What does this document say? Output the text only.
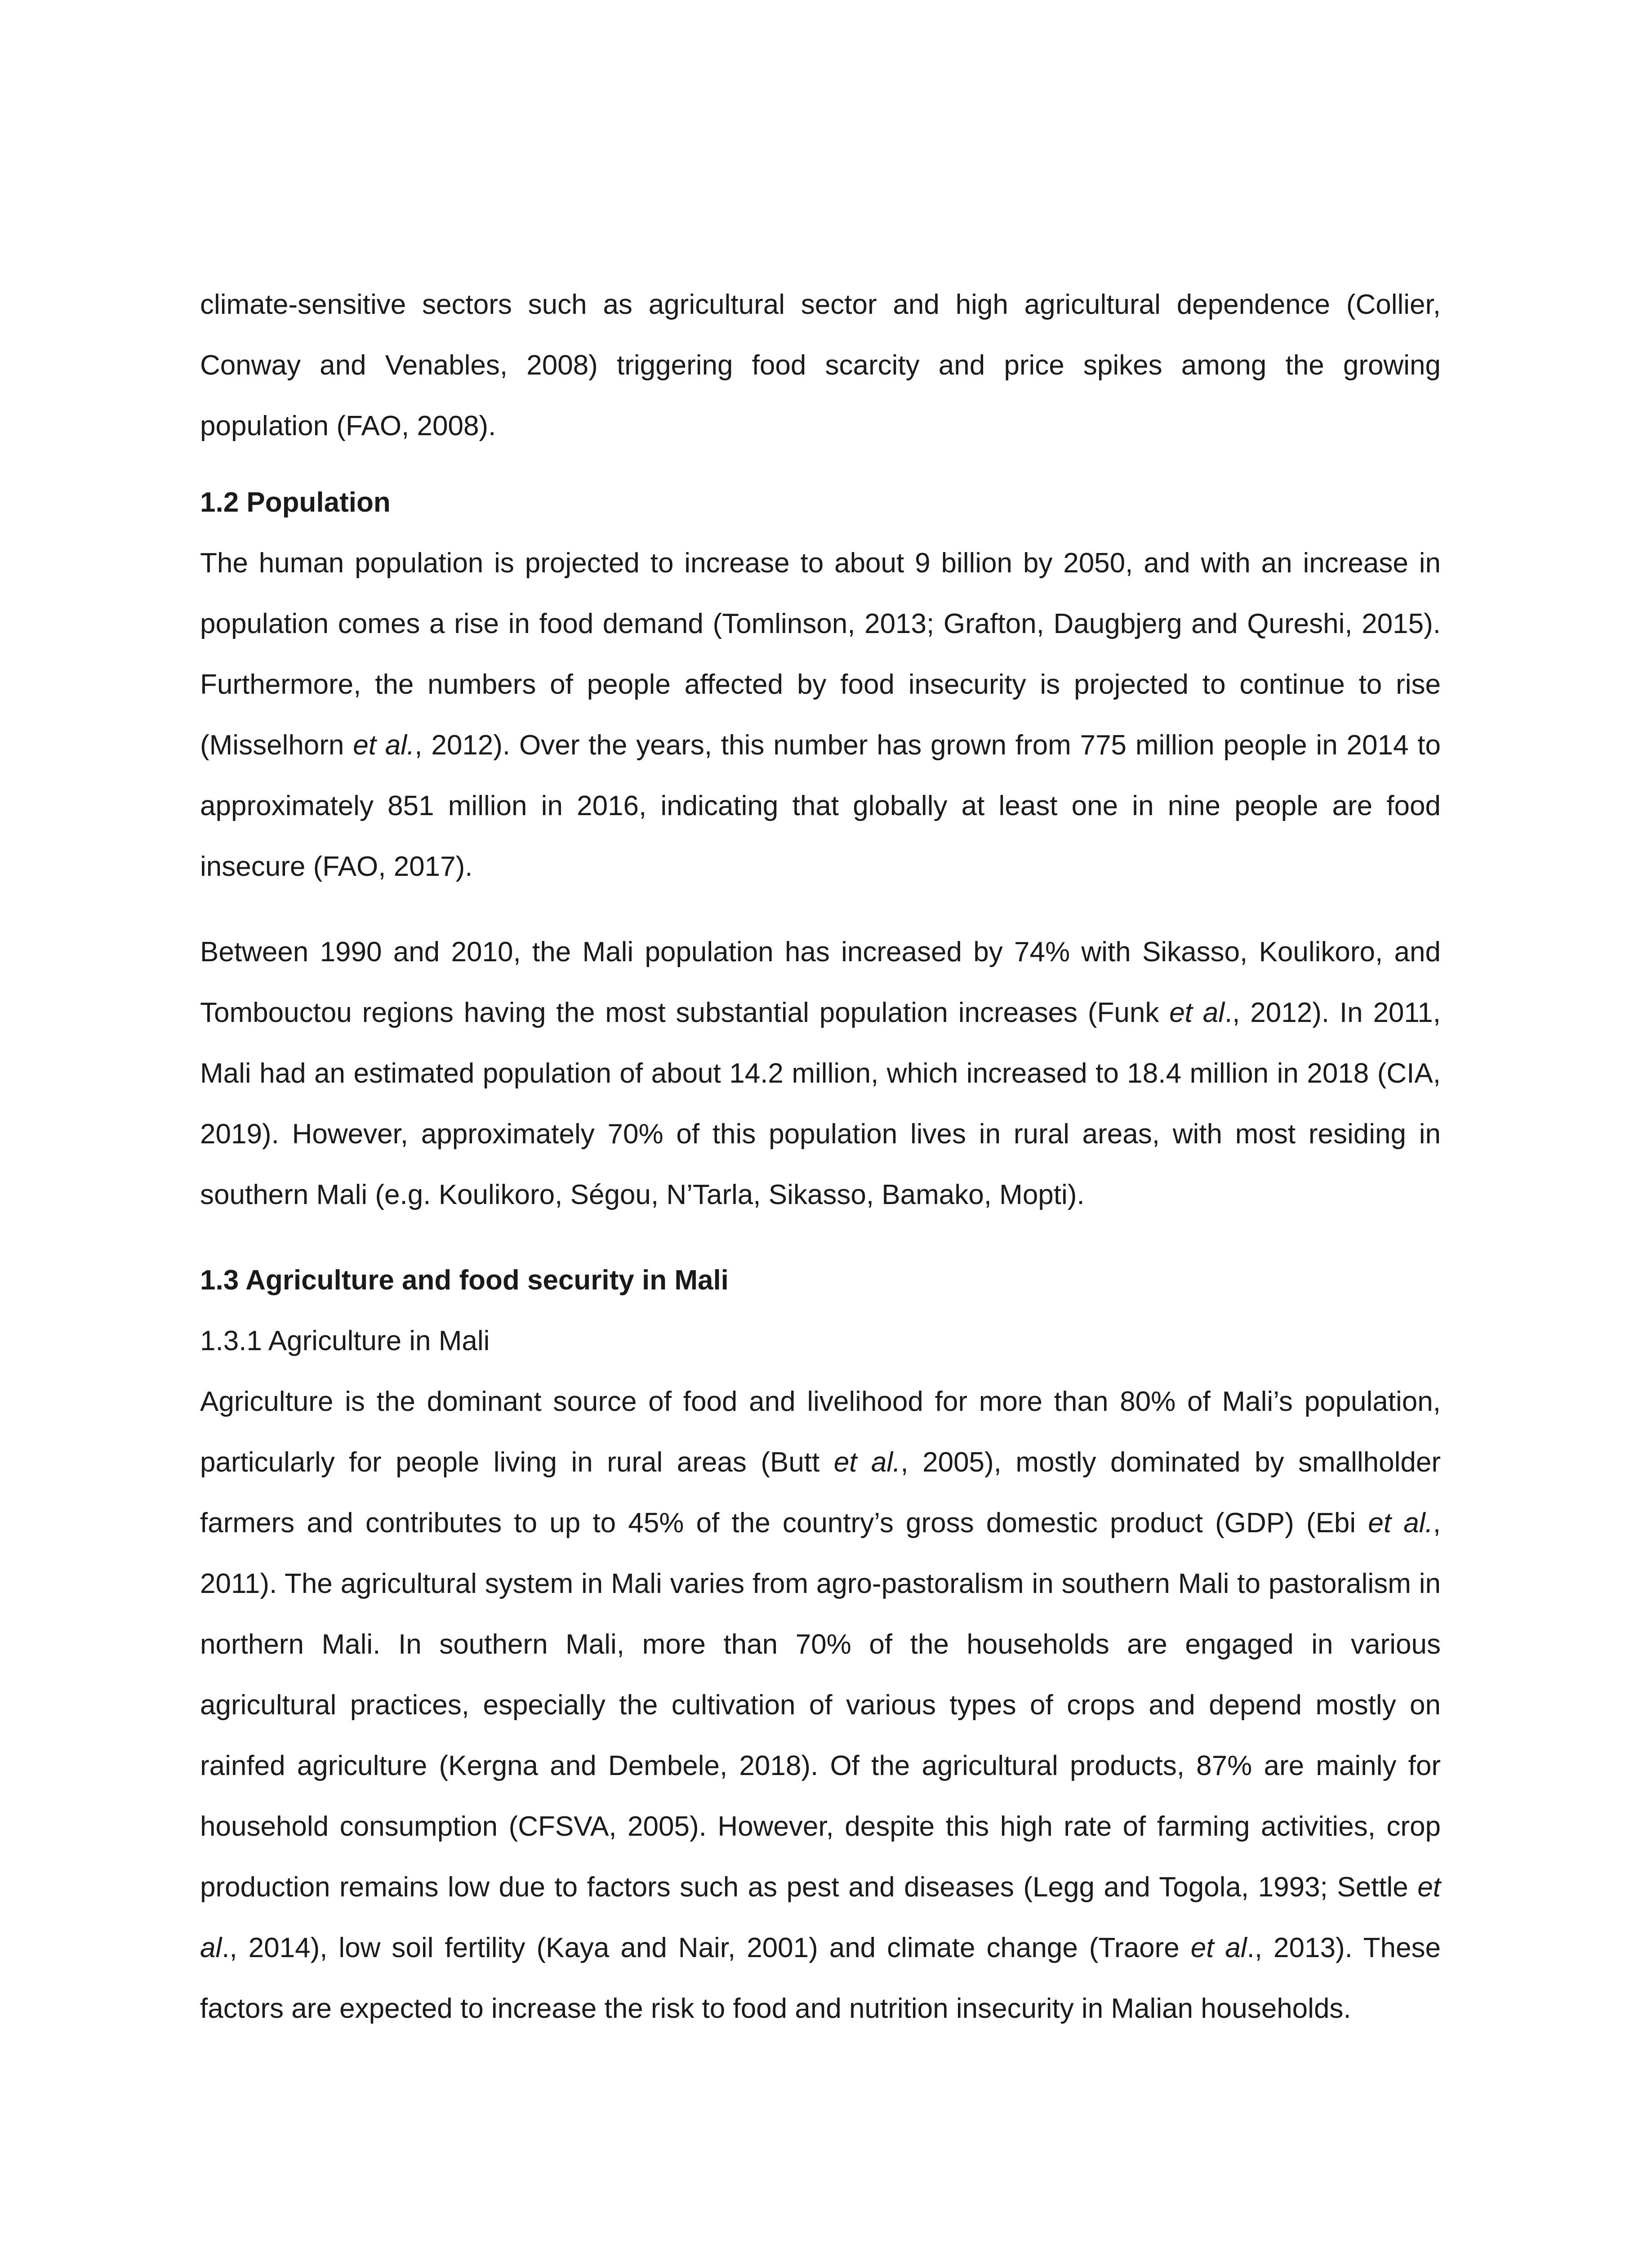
climate-sensitive sectors such as agricultural sector and high agricultural dependence (Collier, Conway and Venables, 2008) triggering food scarcity and price spikes among the growing population (FAO, 2008).

1.2 Population

The human population is projected to increase to about 9 billion by 2050, and with an increase in population comes a rise in food demand (Tomlinson, 2013; Grafton, Daugbjerg and Qureshi, 2015). Furthermore, the numbers of people affected by food insecurity is projected to continue to rise (Misselhorn et al., 2012). Over the years, this number has grown from 775 million people in 2014 to approximately 851 million in 2016, indicating that globally at least one in nine people are food insecure (FAO, 2017).

Between 1990 and 2010, the Mali population has increased by 74% with Sikasso, Koulikoro, and Tombouctou regions having the most substantial population increases (Funk et al., 2012). In 2011, Mali had an estimated population of about 14.2 million, which increased to 18.4 million in 2018 (CIA, 2019). However, approximately 70% of this population lives in rural areas, with most residing in southern Mali (e.g. Koulikoro, Ségou, N’Tarla, Sikasso, Bamako, Mopti).

1.3 Agriculture and food security in Mali
1.3.1 Agriculture in Mali

Agriculture is the dominant source of food and livelihood for more than 80% of Mali’s population, particularly for people living in rural areas (Butt et al., 2005), mostly dominated by smallholder farmers and contributes to up to 45% of the country’s gross domestic product (GDP) (Ebi et al., 2011). The agricultural system in Mali varies from agro-pastoralism in southern Mali to pastoralism in northern Mali. In southern Mali, more than 70% of the households are engaged in various agricultural practices, especially the cultivation of various types of crops and depend mostly on rainfed agriculture (Kergna and Dembele, 2018). Of the agricultural products, 87% are mainly for household consumption (CFSVA, 2005). However, despite this high rate of farming activities, crop production remains low due to factors such as pest and diseases (Legg and Togola, 1993; Settle et al., 2014), low soil fertility (Kaya and Nair, 2001) and climate change (Traore et al., 2013). These factors are expected to increase the risk to food and nutrition insecurity in Malian households.
